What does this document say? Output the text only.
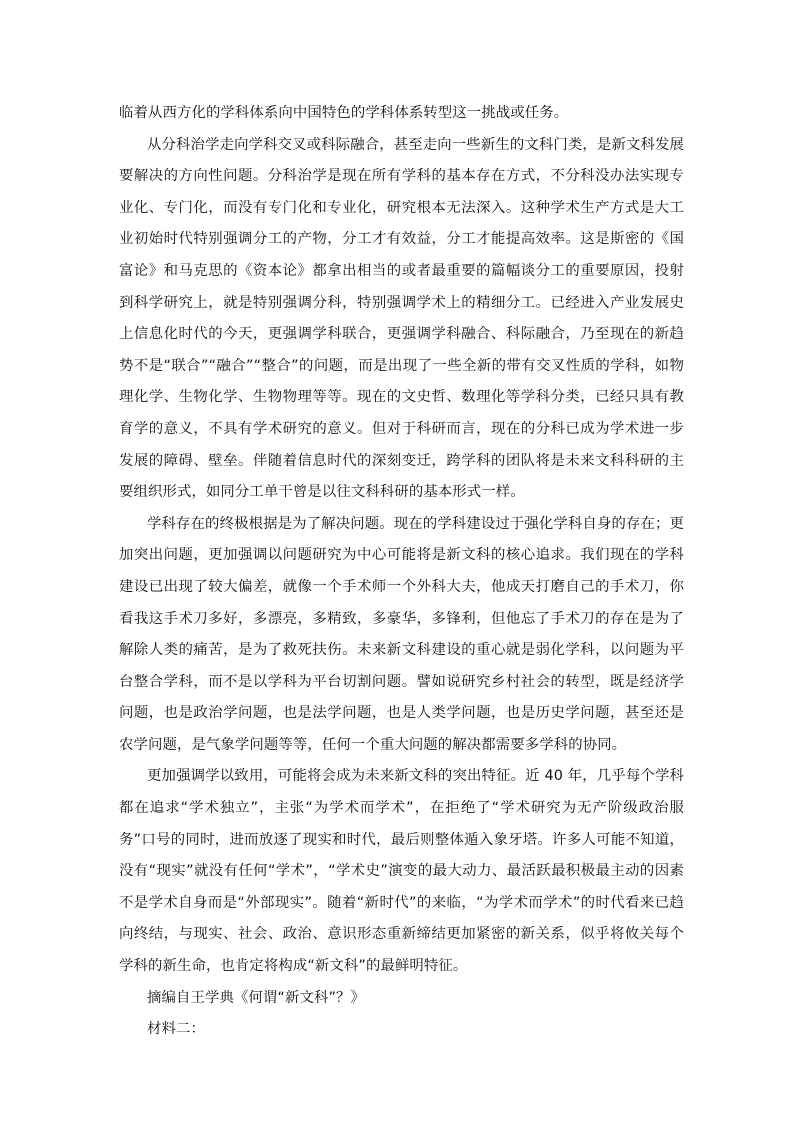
临着从西方化的学科体系向中国特色的学科体系转型这一挑战或任务。

从分科治学走向学科交叉或科际融合，甚至走向一些新生的文科门类，是新文科发展要解决的方向性问题。分科治学是现在所有学科的基本存在方式，不分科没办法实现专业化、专门化，而没有专门化和专业化，研究根本无法深入。这种学术生产方式是大工业初始时代特别强调分工的产物，分工才有效益，分工才能提高效率。这是斯密的《国富论》和马克思的《资本论》都拿出相当的或者最重要的篇幅谈分工的重要原因，投射到科学研究上，就是特别强调分科，特别强调学术上的精细分工。已经进入产业发展史上信息化时代的今天，更强调学科联合，更强调学科融合、科际融合，乃至现在的新趋势不是“联合”“融合”“整合”的问题，而是出现了一些全新的带有交叉性质的学科，如物理化学、生物化学、生物物理等等。现在的文史哲、数理化等学科分类，已经只具有教育学的意义，不具有学术研究的意义。但对于科研而言，现在的分科已成为学术进一步发展的障碍、壁垒。伴随着信息时代的深刻变迁，跨学科的团队将是未来文科科研的主要组织形式，如同分工单干曾是以往文科科研的基本形式一样。

学科存在的终极根据是为了解决问题。现在的学科建设过于强化学科自身的存在；更加突出问题，更加强调以问题研究为中心可能将是新文科的核心追求。我们现在的学科建设已出现了较大偏差，就像一个手术师一个外科大夫，他成天打磨自己的手术刀，你看我这手术刀多好，多漂亮，多精致，多豪华，多锋利，但他忘了手术刀的存在是为了解除人类的痛苦，是为了救死扶伤。未来新文科建设的重心就是弱化学科，以问题为平台整合学科，而不是以学科为平台切割问题。譬如说研究乡村社会的转型，既是经济学问题，也是政治学问题，也是法学问题，也是人类学问题，也是历史学问题，甚至还是农学问题，是气象学问题等等，任何一个重大问题的解决都需要多学科的协同。

更加强调学以致用，可能将会成为未来新文科的突出特征。近 40 年，几乎每个学科都在追求“学术独立”，主张“为学术而学术”，在拒绝了“学术研究为无产阶级政治服务”口号的同时，进而放逐了现实和时代，最后则整体遁入象牙塔。许多人可能不知道，没有“现实”就没有任何“学术”，“学术史”演变的最大动力、最活跃最积极最主动的因素不是学术自身而是“外部现实”。随着“新时代”的来临，“为学术而学术”的时代看来已趋向终结，与现实、社会、政治、意识形态重新缔结更加紧密的新关系，似乎将攸关每个学科的新生命，也肯定将构成“新文科”的最鲜明特征。

摘编自王学典《何谓“新文科”？》

材料二：
